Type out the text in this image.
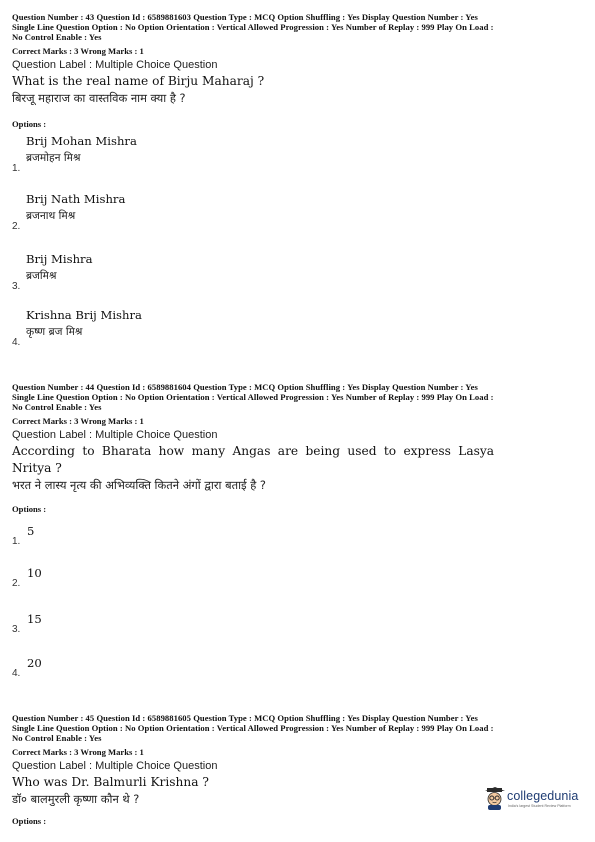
Question Number : 43 Question Id : 6589881603 Question Type : MCQ Option Shuffling : Yes Display Question Number : Yes
Single Line Question Option : No Option Orientation : Vertical Allowed Progression : Yes Number of Replay : 999 Play On Load :
No Control Enable : Yes
Correct Marks : 3 Wrong Marks : 1
Question Label : Multiple Choice Question
What is the real name of Birju Maharaj ?
बिरजू महाराज का वास्तविक नाम क्या है ?
Options :
Brij Mohan Mishra
ब्रजमोहन मिश्र
1.
Brij Nath Mishra
ब्रजनाथ मिश्र
2.
Brij Mishra
ब्रजमिश्र
3.
Krishna Brij Mishra
कृष्ण ब्रज मिश्र
4.
Question Number : 44 Question Id : 6589881604 Question Type : MCQ Option Shuffling : Yes Display Question Number : Yes
Single Line Question Option : No Option Orientation : Vertical Allowed Progression : Yes Number of Replay : 999 Play On Load :
No Control Enable : Yes
Correct Marks : 3 Wrong Marks : 1
Question Label : Multiple Choice Question
According to Bharata how many Angas are being used to express Lasya Nritya ?
भरत ने लास्य नृत्य की अभिव्यक्ति कितने अंगों द्वारा बताई है ?
Options :
5
1.
10
2.
15
3.
20
4.
Question Number : 45 Question Id : 6589881605 Question Type : MCQ Option Shuffling : Yes Display Question Number : Yes
Single Line Question Option : No Option Orientation : Vertical Allowed Progression : Yes Number of Replay : 999 Play On Load :
No Control Enable : Yes
Correct Marks : 3 Wrong Marks : 1
Question Label : Multiple Choice Question
Who was Dr. Balmurli Krishna ?
डॉ० बालमुरली कृष्णा कौन थे ?
Options :
collegedunia
India's largest Student Review Platform
